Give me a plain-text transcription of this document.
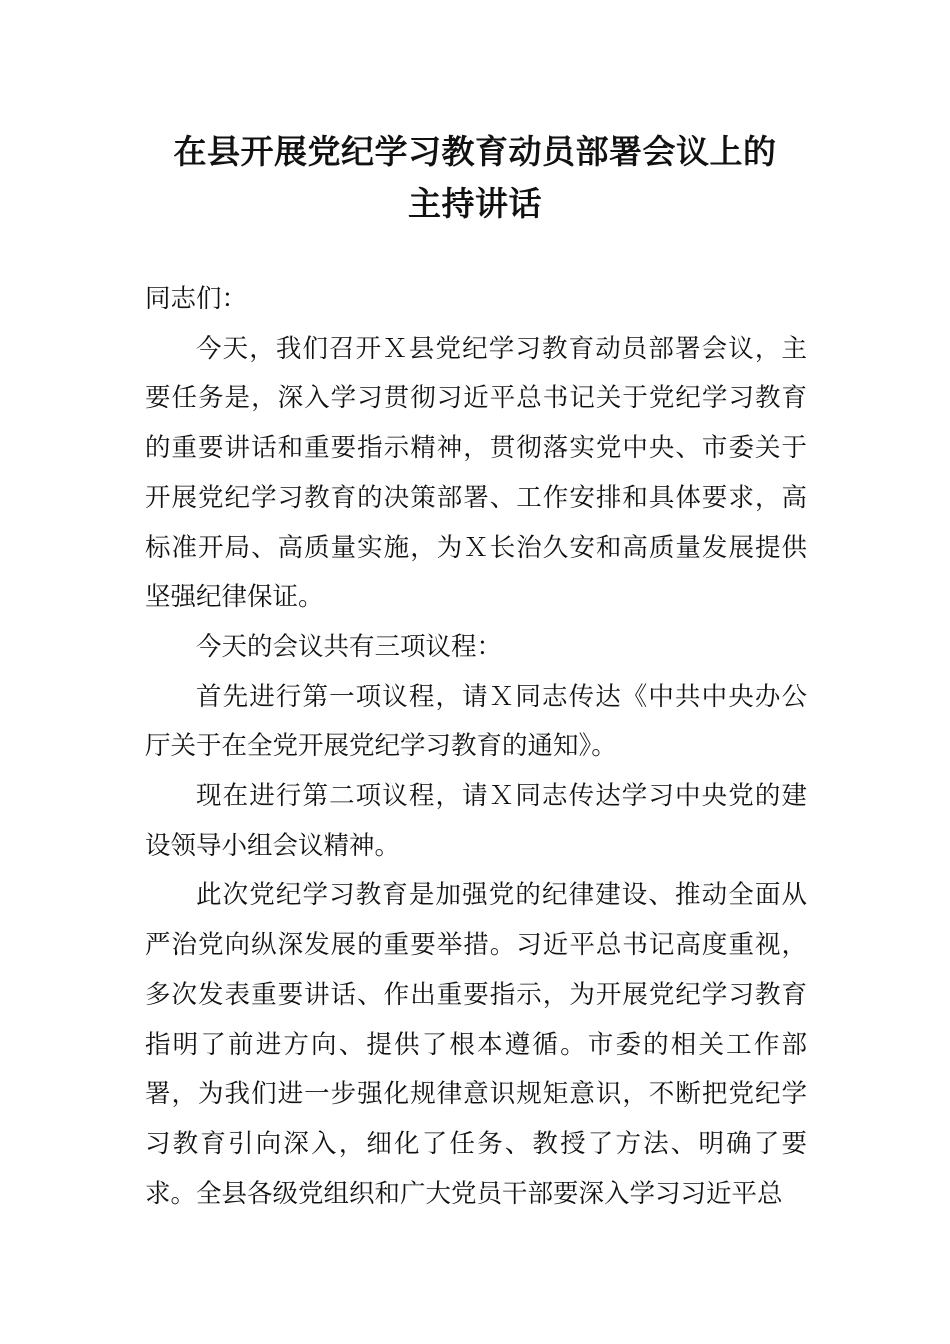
在县开展党纪学习教育动员部署会议上的
主持讲话

同志们：

今天，我们召开Ｘ县党纪学习教育动员部署会议，主要任务是，深入学习贯彻习近平总书记关于党纪学习教育的重要讲话和重要指示精神，贯彻落实党中央、市委关于开展党纪学习教育的决策部署、工作安排和具体要求，高标准开局、高质量实施，为Ｘ长治久安和高质量发展提供坚强纪律保证。

今天的会议共有三项议程：

首先进行第一项议程，请Ｘ同志传达《中共中央办公厅关于在全党开展党纪学习教育的通知》。

现在进行第二项议程，请Ｘ同志传达学习中央党的建设领导小组会议精神。

此次党纪学习教育是加强党的纪律建设、推动全面从严治党向纵深发展的重要举措。习近平总书记高度重视，多次发表重要讲话、作出重要指示，为开展党纪学习教育指明了前进方向、提供了根本遵循。市委的相关工作部署，为我们进一步强化规律意识规矩意识，不断把党纪学习教育引向深入，细化了任务、教授了方法、明确了要求。全县各级党组织和广大党员干部要深入学习习近平总
